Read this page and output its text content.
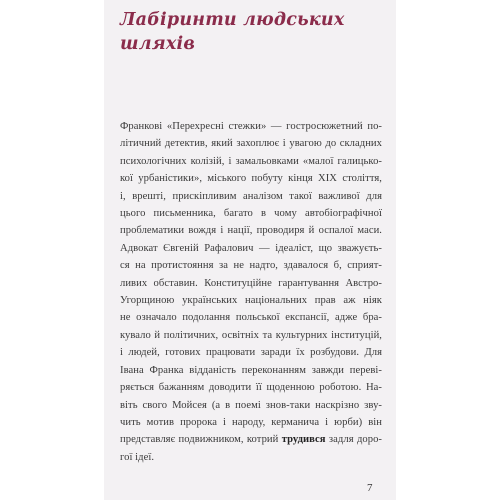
Лабіринти людських
шляхів
Франкові «Перехресні стежки» — гостросюжетний по-
літичний детектив, який захоплює і увагою до складних
психологічних колізій, і замальовками «малої галицько-
кої урбаністики», міського побуту кінця XIX століття,
і, врешті, прискіпливим аналізом такої важливої для
цього письменника, багато в чому автобіографічної
проблематики вождя і нації, проводиря й оспалої маси.
Адвокат Євгеній Рафалович — ідеаліст, що зважуєть-
ся на протистояння за не надто, здавалося б, сприят-
ливих обставин. Конституційне гарантування Австро-
Угорщиною українських національних прав аж ніяк
не означало подолання польської експансії, адже бра-
кувало й політичних, освітніх та культурних інституцій,
і людей, готових працювати заради їх розбудови. Для
Івана Франка відданість переконанням завжди переві-
ряється бажанням доводити її щоденною роботою. На-
віть свого Мойсея (а в поемі знов-таки наскрізно зву-
чить мотив пророка і народу, керманича і юрби) він
представляє подвижником, котрий трудився задля доро-
гої ідеї.
7
